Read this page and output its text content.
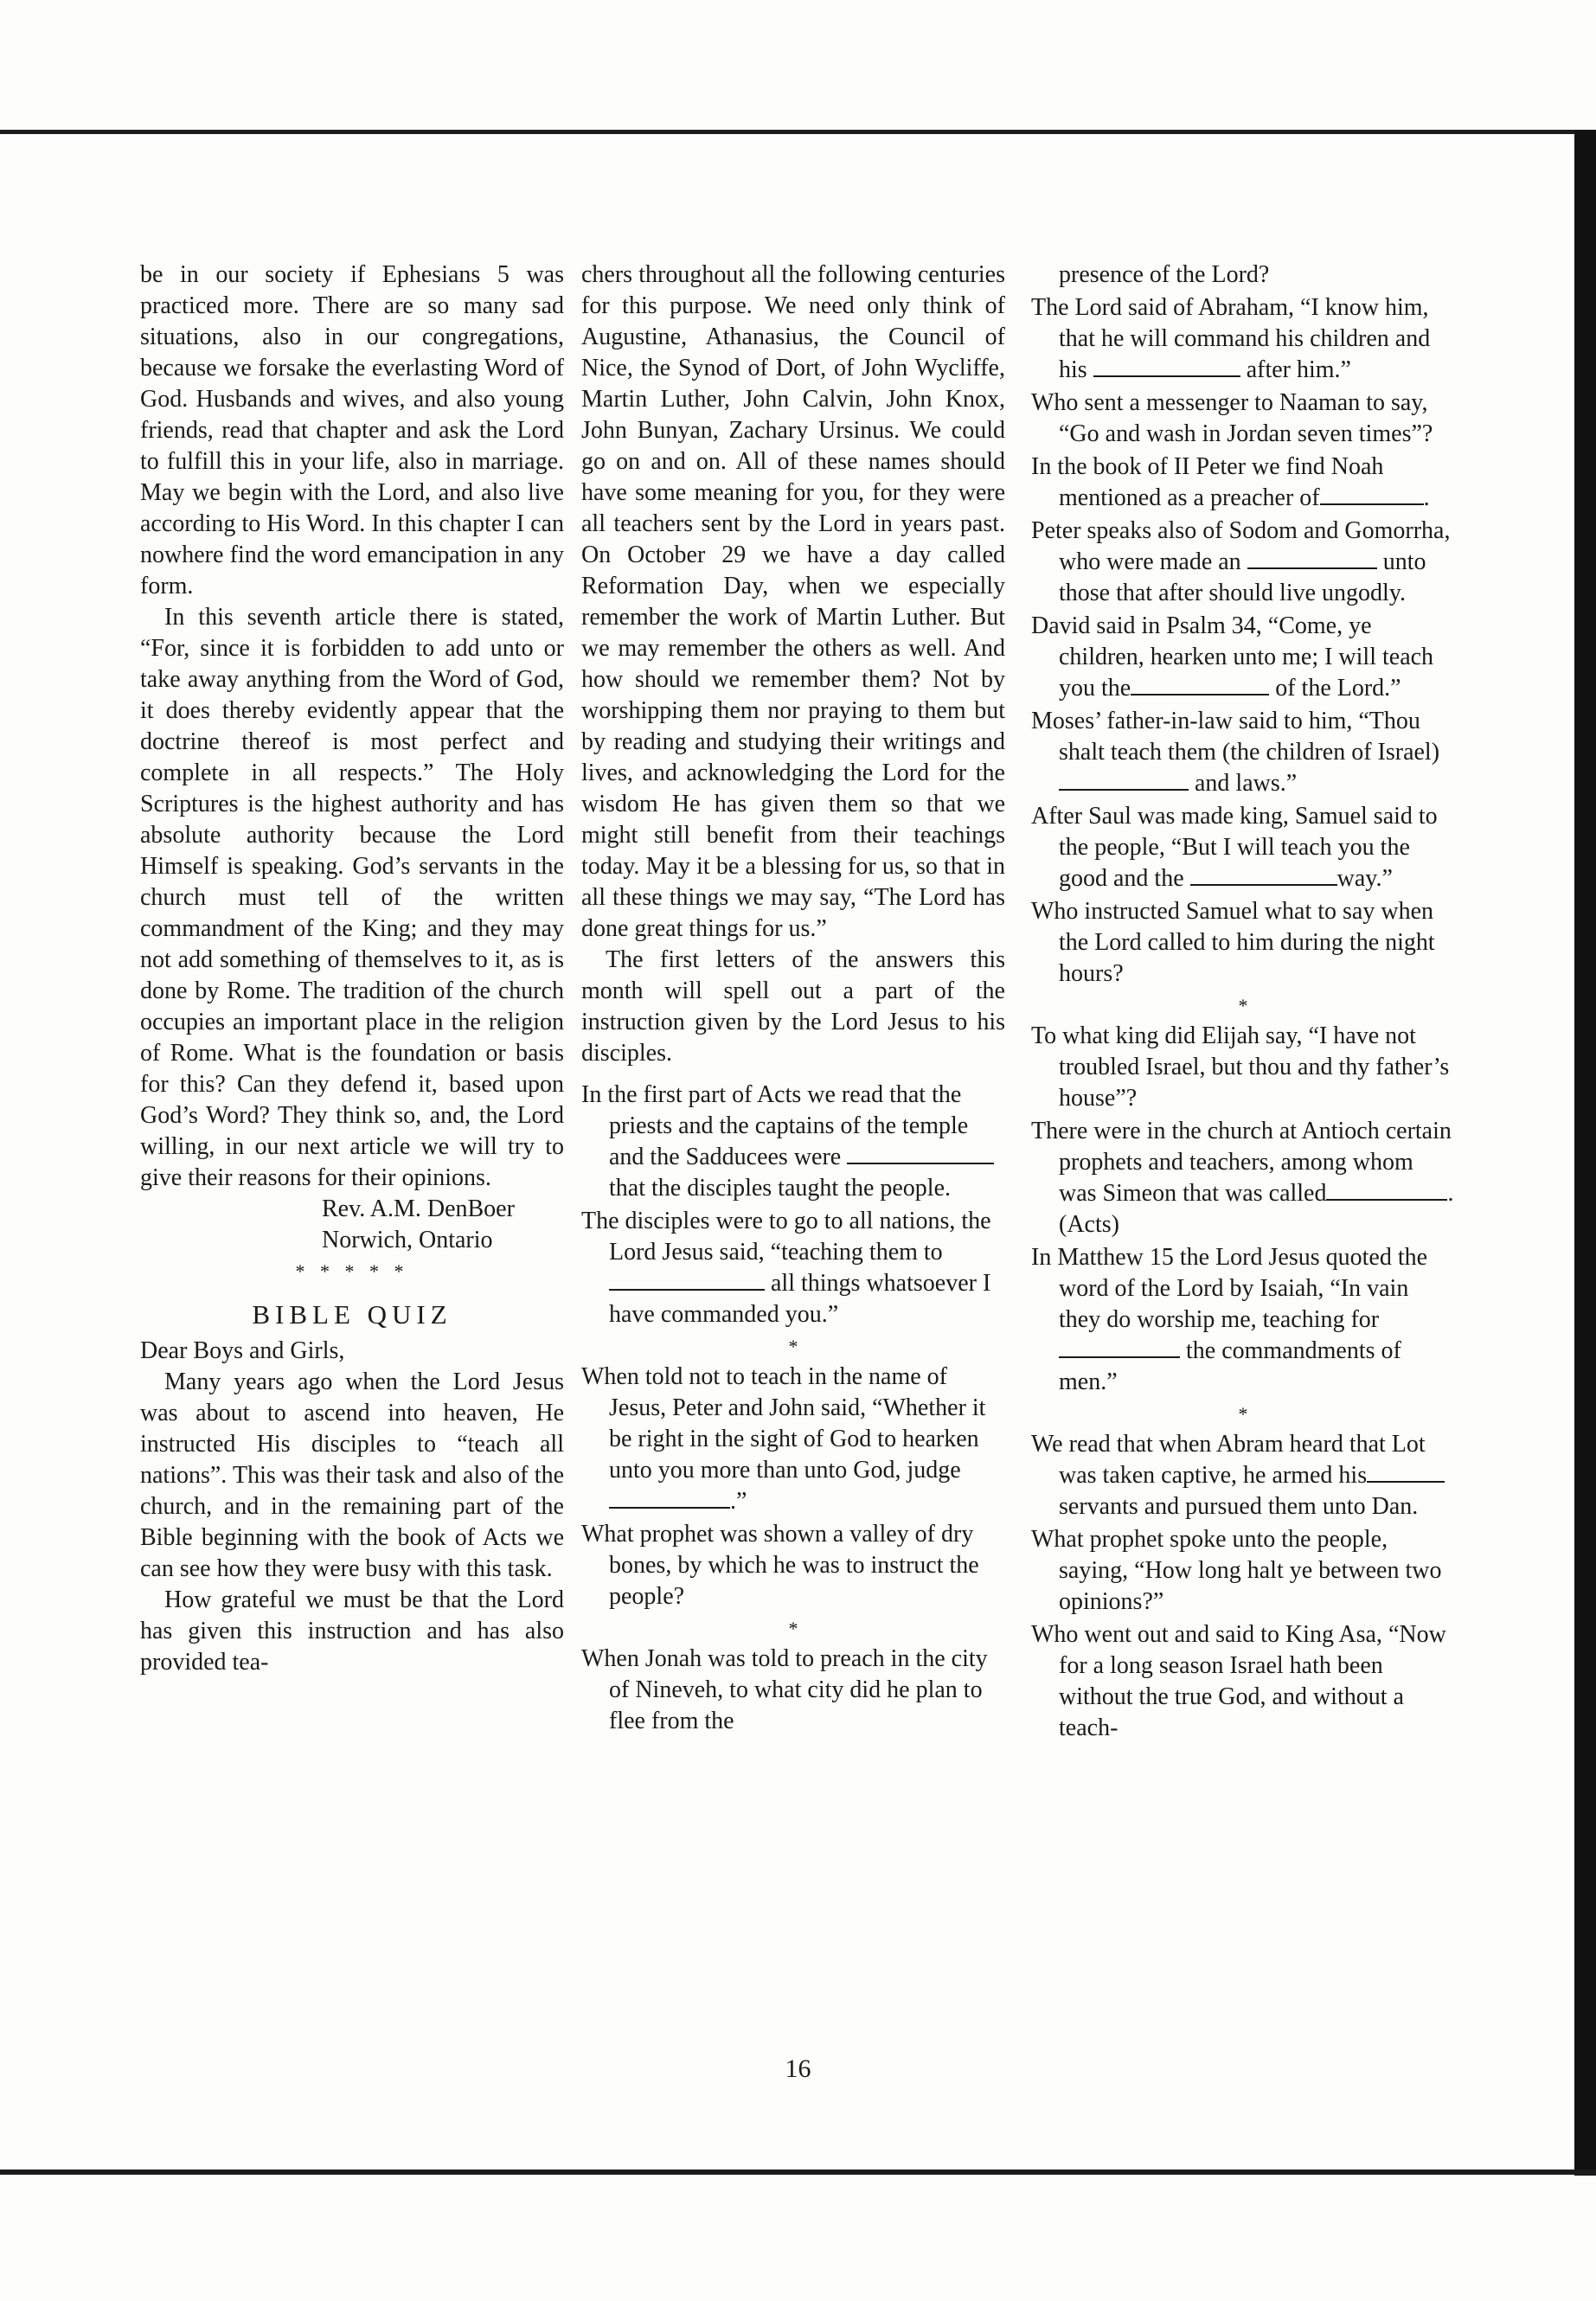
be in our society if Ephesians 5 was practiced more. There are so many sad situations, also in our congregations, because we forsake the everlasting Word of God. Husbands and wives, and also young friends, read that chapter and ask the Lord to fulfill this in your life, also in marriage. May we begin with the Lord, and also live according to His Word. In this chapter I can nowhere find the word emancipation in any form.

In this seventh article there is stated, “For, since it is forbidden to add unto or take away anything from the Word of God, it does thereby evidently appear that the doctrine thereof is most perfect and complete in all respects.” The Holy Scriptures is the highest authority and has absolute authority because the Lord Himself is speaking. God’s servants in the church must tell of the written commandment of the King; and they may not add something of themselves to it, as is done by Rome. The tradition of the church occupies an important place in the religion of Rome. What is the foundation or basis for this? Can they defend it, based upon God’s Word? They think so, and, the Lord willing, in our next article we will try to give their reasons for their opinions.

Rev. A.M. DenBoer

Norwich, Ontario

* * * * *

BIBLE QUIZ

Dear Boys and Girls,

Many years ago when the Lord Jesus was about to ascend into heaven, He instructed His disciples to “teach all nations”. This was their task and also of the church, and in the remaining part of the Bible beginning with the book of Acts we can see how they were busy with this task.

How grateful we must be that the Lord has given this instruction and has also provided tea-

chers throughout all the following centuries for this purpose. We need only think of Augustine, Athanasius, the Council of Nice, the Synod of Dort, of John Wycliffe, Martin Luther, John Calvin, John Knox, John Bunyan, Zachary Ursinus. We could go on and on. All of these names should have some meaning for you, for they were all teachers sent by the Lord in years past. On October 29 we have a day called Reformation Day, when we especially remember the work of Martin Luther. But we may remember the others as well. And how should we remember them? Not by worshipping them nor praying to them but by reading and studying their writings and lives, and acknowledging the Lord for the wisdom He has given them so that we might still benefit from their teachings today. May it be a blessing for us, so that in all these things we may say, “The Lord has done great things for us.”

The first letters of the answers this month will spell out a part of the instruction given by the Lord Jesus to his disciples.

In the first part of Acts we read that the priests and the captains of the temple and the Sadducees were  that the disciples taught the people.

The disciples were to go to all nations, the Lord Jesus said, “teaching them to all things whatsoever I have commanded you.”

*

When told not to teach in the name of Jesus, Peter and John said, “Whether it be right in the sight of God to hearken unto you more than unto God, judge.”

What prophet was shown a valley of dry bones, by which he was to instruct the people?

*

When Jonah was told to preach in the city of Nineveh, to what city did he plan to flee from the

presence of the Lord?

The Lord said of Abraham, “I know him, that he will command his children and his	after him.”

Who sent a messenger to Naaman to say, “Go and wash in Jordan seven times”?

In the book of II Peter we find Noah mentioned as a preacher of	.

Peter speaks also of Sodom and Gomorrha, who were made an	unto those that after should live ungodly.

David said in Psalm 34, “Come, ye children, hearken unto me; I will teach you the	of the Lord.”

Moses’ father-in-law said to him, “Thou shalt teach them (the children of Israel) and laws.”

After Saul was made king, Samuel said to the people, “But I will teach you the good and the	way.”

Who instructed Samuel what to say when the Lord called to him during the night hours?

*

To what king did Elijah say, “I have not troubled Israel, but thou and thy father’s house”?

There were in the church at Antioch certain prophets and teachers, among whom was Simeon that was called	. (Acts)

In Matthew 15 the Lord Jesus quoted the word of the Lord by Isaiah, “In vain they do worship me, teaching for the commandments of men.”

*

We read that when Abram heard that Lot was taken captive, he armed hisservants and pursued them unto Dan.

What prophet spoke unto the people, saying, “How long halt ye between two opinions?”

Who went out and said to King Asa, “Now for a long season Israel hath been without the true God, and without a teach-

16
